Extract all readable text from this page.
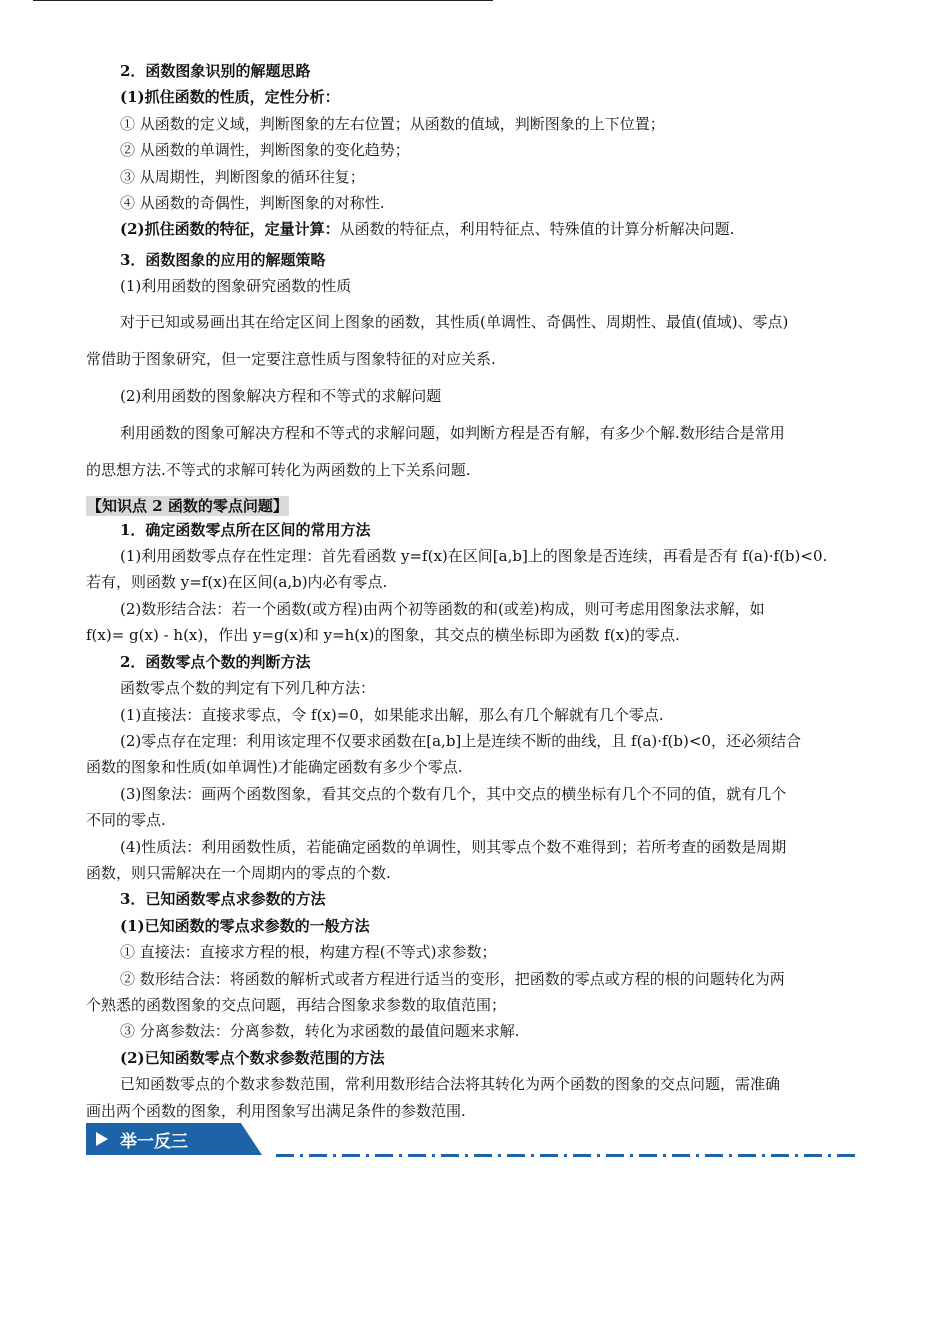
2．函数图象识别的解题思路
(1)抓住函数的性质，定性分析：
① 从函数的定义域，判断图象的左右位置；从函数的值域，判断图象的上下位置；
② 从函数的单调性，判断图象的变化趋势；
③ 从周期性，判断图象的循环往复；
④ 从函数的奇偶性，判断图象的对称性.
(2)抓住函数的特征，定量计算：从函数的特征点，利用特征点、特殊值的计算分析解决问题.
3．函数图象的应用的解题策略
(1)利用函数的图象研究函数的性质
对于已知或易画出其在给定区间上图象的函数，其性质(单调性、奇偶性、周期性、最值(值域)、零点)
常借助于图象研究，但一定要注意性质与图象特征的对应关系.
(2)利用函数的图象解决方程和不等式的求解问题
利用函数的图象可解决方程和不等式的求解问题，如判断方程是否有解，有多少个解.数形结合是常用
的思想方法.不等式的求解可转化为两函数的上下关系问题.
【知识点 2 函数的零点问题】
1．确定函数零点所在区间的常用方法
(1)利用函数零点存在性定理：首先看函数 y=f(x)在区间[a,b]上的图象是否连续，再看是否有 f(a)·f(b)<0.
若有，则函数 y=f(x)在区间(a,b)内必有零点.
(2)数形结合法：若一个函数(或方程)由两个初等函数的和(或差)构成，则可考虑用图象法求解，如
f(x)= g(x) - h(x)，作出 y=g(x)和 y=h(x)的图象，其交点的横坐标即为函数 f(x)的零点.
2．函数零点个数的判断方法
函数零点个数的判定有下列几种方法：
(1)直接法：直接求零点，令 f(x)=0，如果能求出解，那么有几个解就有几个零点.
(2)零点存在定理：利用该定理不仅要求函数在[a,b]上是连续不断的曲线，且 f(a)·f(b)<0，还必须结合
函数的图象和性质(如单调性)才能确定函数有多少个零点.
(3)图象法：画两个函数图象，看其交点的个数有几个，其中交点的横坐标有几个不同的值，就有几个
不同的零点.
(4)性质法：利用函数性质，若能确定函数的单调性，则其零点个数不难得到；若所考查的函数是周期
函数，则只需解决在一个周期内的零点的个数.
3．已知函数零点求参数的方法
(1)已知函数的零点求参数的一般方法
① 直接法：直接求方程的根，构建方程(不等式)求参数；
② 数形结合法：将函数的解析式或者方程进行适当的变形，把函数的零点或方程的根的问题转化为两
个熟悉的函数图象的交点问题，再结合图象求参数的取值范围；
③ 分离参数法：分离参数，转化为求函数的最值问题来求解.
(2)已知函数零点个数求参数范围的方法
已知函数零点的个数求参数范围，常利用数形结合法将其转化为两个函数的图象的交点问题，需准确
画出两个函数的图象，利用图象写出满足条件的参数范围.
举一反三
